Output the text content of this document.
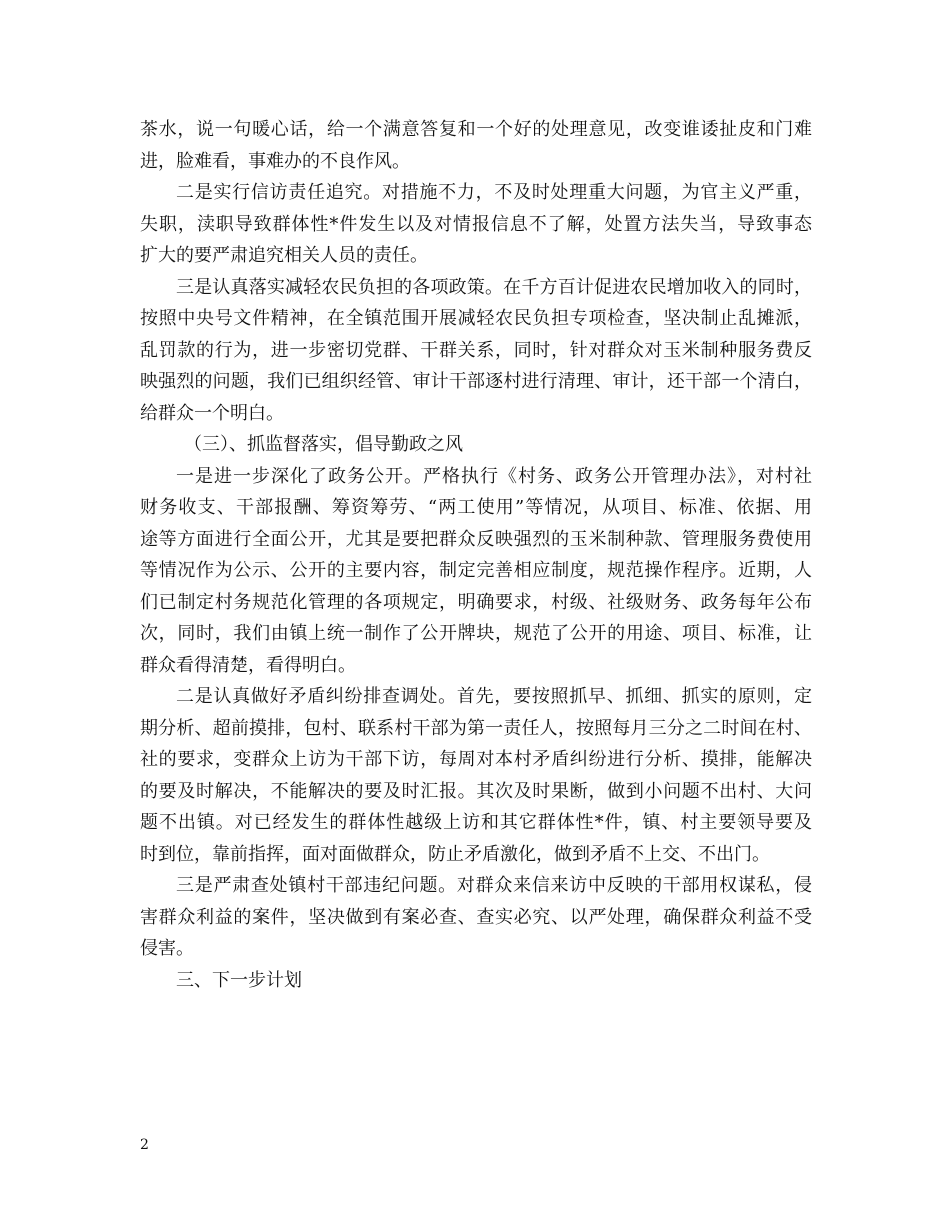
茶水，说一句暖心话，给一个满意答复和一个好的处理意见，改变谁诿扯皮和门难
进，脸难看，事难办的不良作风。
二是实行信访责任追究。对措施不力，不及时处理重大问题，为官主义严重，
失职，渎职导致群体性*件发生以及对情报信息不了解，处置方法失当，导致事态
扩大的要严肃追究相关人员的责任。
三是认真落实减轻农民负担的各项政策。在千方百计促进农民增加收入的同时，
按照中央号文件精神，在全镇范围开展减轻农民负担专项检查，坚决制止乱摊派，
乱罚款的行为，进一步密切党群、干群关系，同时，针对群众对玉米制种服务费反
映强烈的问题，我们已组织经管、审计干部逐村进行清理、审计，还干部一个清白，
给群众一个明白。
（三）、抓监督落实，倡导勤政之风
一是进一步深化了政务公开。严格执行《村务、政务公开管理办法》，对村社
财务收支、干部报酬、筹资筹劳、“两工使用”等情况，从项目、标准、依据、用
途等方面进行全面公开，尤其是要把群众反映强烈的玉米制种款、管理服务费使用
等情况作为公示、公开的主要内容，制定完善相应制度，规范操作程序。近期，人
们已制定村务规范化管理的各项规定，明确要求，村级、社级财务、政务每年公布
次，同时，我们由镇上统一制作了公开牌块，规范了公开的用途、项目、标准，让
群众看得清楚，看得明白。
二是认真做好矛盾纠纷排查调处。首先，要按照抓早、抓细、抓实的原则，定
期分析、超前摸排，包村、联系村干部为第一责任人，按照每月三分之二时间在村、
社的要求，变群众上访为干部下访，每周对本村矛盾纠纷进行分析、摸排，能解决
的要及时解决，不能解决的要及时汇报。其次及时果断，做到小问题不出村、大问
题不出镇。对已经发生的群体性越级上访和其它群体性*件，镇、村主要领导要及
时到位，靠前指挥，面对面做群众，防止矛盾激化，做到矛盾不上交、不出门。
三是严肃查处镇村干部违纪问题。对群众来信来访中反映的干部用权谋私，侵
害群众利益的案件，坚决做到有案必查、查实必究、以严处理，确保群众利益不受
侵害。
三、下一步计划
2
